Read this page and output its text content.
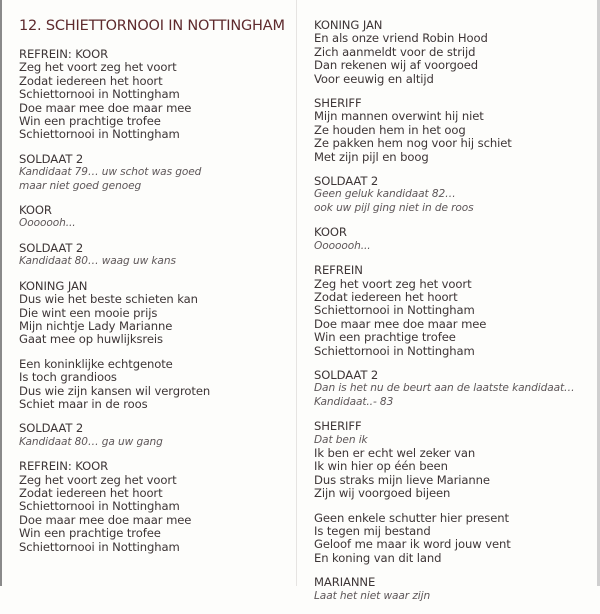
12. SCHIETTORNOOI IN NOTTINGHAM
REFREIN: KOOR
Zeg het voort zeg het voort
Zodat iedereen het hoort
Schiettornooi in Nottingham
Doe maar mee doe maar mee
Win een prachtige trofee
Schiettornooi in Nottingham
SOLDAAT 2
Kandidaat 79… uw schot was goed
maar niet goed genoeg
KOOR
Ooooooh...
SOLDAAT 2
Kandidaat 80… waag uw kans
KONING JAN
Dus wie het beste schieten kan
Die wint een mooie prijs
Mijn nichtje Lady Marianne
Gaat mee op huwlijksreis
Een koninklijke echtgenote
Is toch grandioos
Dus wie zijn kansen wil vergroten
Schiet maar in de roos
SOLDAAT 2
Kandidaat 80… ga uw gang
REFREIN: KOOR
Zeg het voort zeg het voort
Zodat iedereen het hoort
Schiettornooi in Nottingham
Doe maar mee doe maar mee
Win een prachtige trofee
Schiettornooi in Nottingham
KONING JAN
En als onze vriend Robin Hood
Zich aanmeldt voor de strijd
Dan rekenen wij af voorgoed
Voor eeuwig en altijd
SHERIFF
Mijn mannen overwint hij niet
Ze houden hem in het oog
Ze pakken hem nog voor hij schiet
Met zijn pijl en boog
SOLDAAT 2
Geen geluk kandidaat 82…
ook uw pijl ging niet in de roos
KOOR
Ooooooh...
REFREIN
Zeg het voort zeg het voort
Zodat iedereen het hoort
Schiettornooi in Nottingham
Doe maar mee doe maar mee
Win een prachtige trofee
Schiettornooi in Nottingham
SOLDAAT 2
Dan is het nu de beurt aan de laatste kandidaat…
Kandidaat..- 83
SHERIFF
Dat ben ik
Ik ben er echt wel zeker van
Ik win hier op één been
Dus straks mijn lieve Marianne
Zijn wij voorgoed bijeen
Geen enkele schutter hier present
Is tegen mij bestand
Geloof me maar ik word jouw vent
En koning van dit land
MARIANNE
Laat het niet waar zijn
